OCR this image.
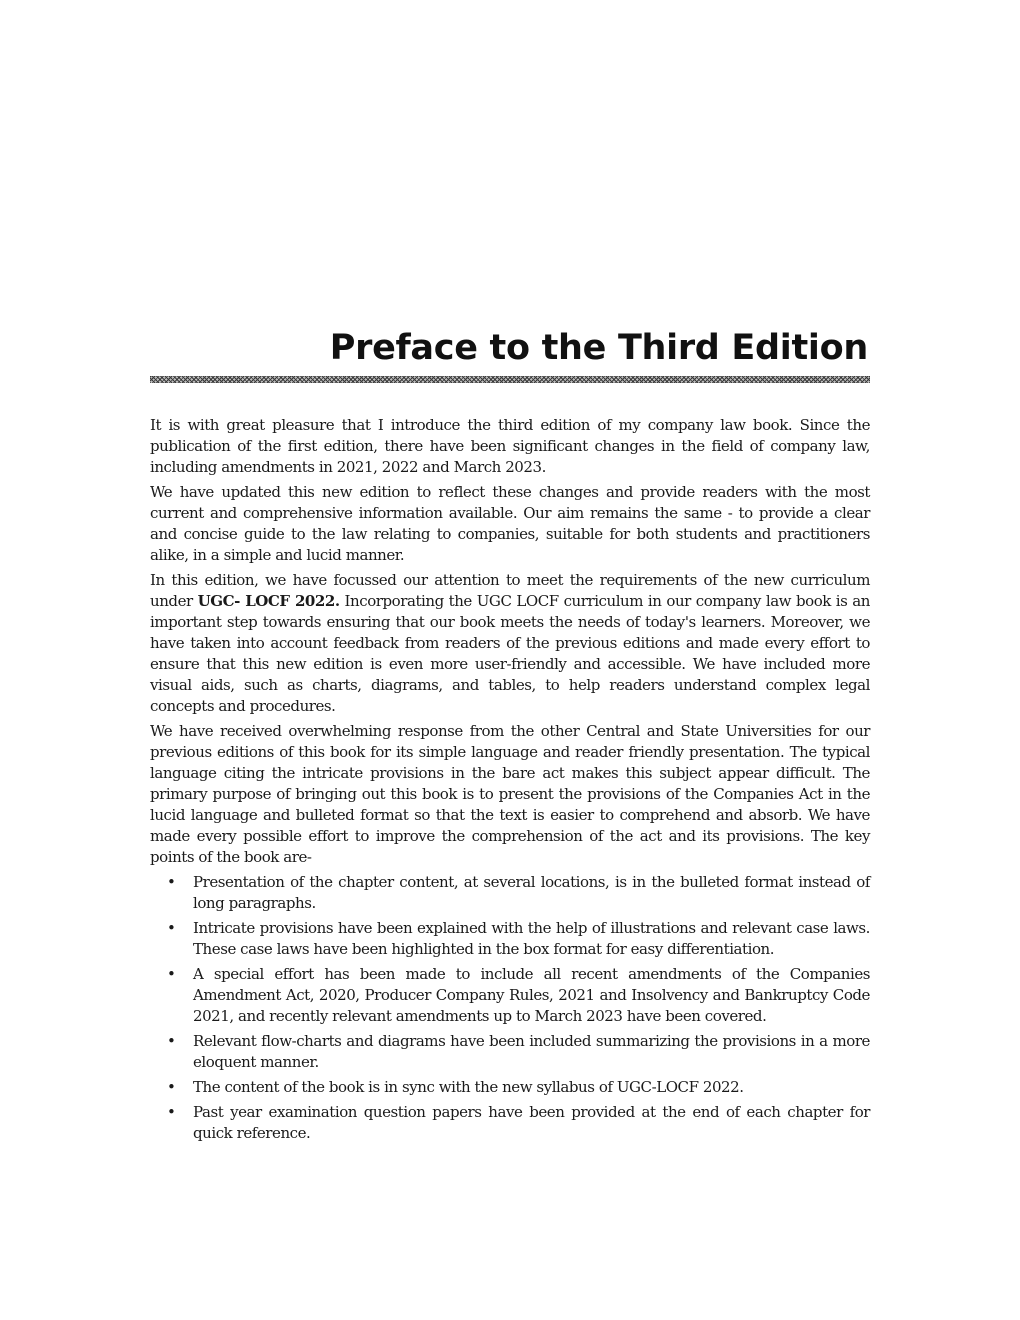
Preface to the Third Edition

It is with great pleasure that I introduce the third edition of my company law book. Since the publication of the first edition, there have been significant changes in the field of company law, including amendments in 2021, 2022 and March 2023.

We have updated this new edition to reflect these changes and provide readers with the most current and comprehensive information available. Our aim remains the same - to provide a clear and concise guide to the law relating to companies, suitable for both students and practitioners alike, in a simple and lucid manner.

In this edition, we have focussed our attention to meet the requirements of the new curriculum under UGC- LOCF 2022. Incorporating the UGC LOCF curriculum in our company law book is an important step towards ensuring that our book meets the needs of today's learners. Moreover, we have taken into account feedback from readers of the previous editions and made every effort to ensure that this new edition is even more user-friendly and accessible. We have included more visual aids, such as charts, diagrams, and tables, to help readers understand complex legal concepts and procedures.

We have received overwhelming response from the other Central and State Universities for our previous editions of this book for its simple language and reader friendly presentation. The typical language citing the intricate provisions in the bare act makes this subject appear difficult. The primary purpose of bringing out this book is to present the provisions of the Companies Act in the lucid language and bulleted format so that the text is easier to comprehend and absorb. We have made every possible effort to improve the comprehension of the act and its provisions. The key points of the book are-

• Presentation of the chapter content, at several locations, is in the bulleted format instead of long paragraphs.
• Intricate provisions have been explained with the help of illustrations and relevant case laws. These case laws have been highlighted in the box format for easy differentiation.
• A special effort has been made to include all recent amendments of the Companies Amendment Act, 2020, Producer Company Rules, 2021 and Insolvency and Bankruptcy Code 2021, and recently relevant amendments up to March 2023 have been covered.
• Relevant flow-charts and diagrams have been included summarizing the provisions in a more eloquent manner.
• The content of the book is in sync with the new syllabus of UGC-LOCF 2022.
• Past year examination question papers have been provided at the end of each chapter for quick reference.
